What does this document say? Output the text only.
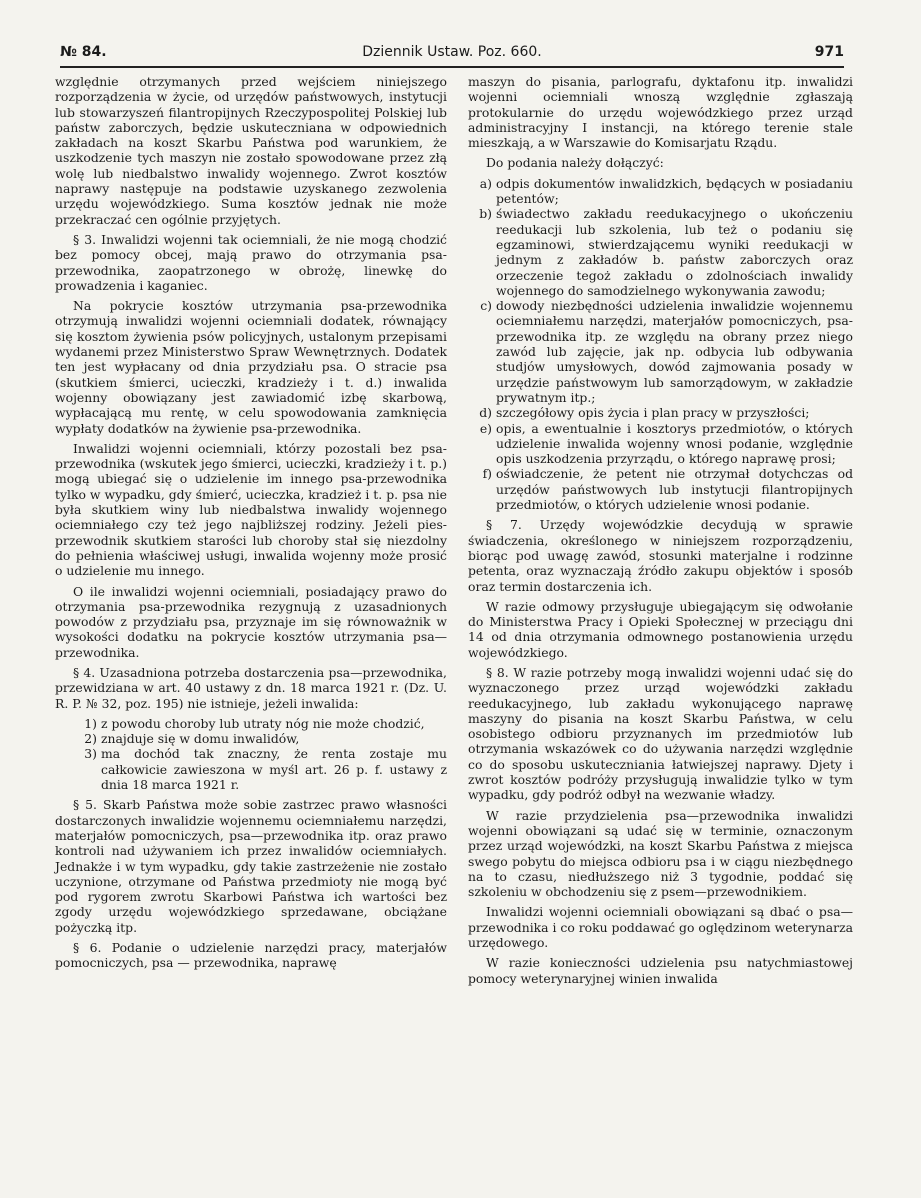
№ 84.	Dziennik Ustaw. Poz. 660.	971

względnie otrzymanych przed wejściem niniejszego rozporządzenia w życie, od urzędów państwowych, instytucji lub stowarzyszeń filantropijnych Rzeczypospolitej Polskiej lub państw zaborczych, będzie uskuteczniana w odpowiednich zakładach na koszt Skarbu Państwa pod warunkiem, że uszkodzenie tych maszyn nie zostało spowodowane przez złą wolę lub niedbalstwo inwalidy wojennego. Zwrot kosztów naprawy następuje na podstawie uzyskanego zezwolenia urzędu wojewódzkiego. Suma kosztów jednak nie może przekraczać cen ogólnie przyjętych.

§ 3. Inwalidzi wojenni tak ociemniali, że nie mogą chodzić bez pomocy obcej, mają prawo do otrzymania psa-przewodnika, zaopatrzonego w obrożę, linewkę do prowadzenia i kaganiec.

Na pokrycie kosztów utrzymania psa-przewodnika otrzymują inwalidzi wojenni ociemniali dodatek, równający się kosztom żywienia psów policyjnych, ustalonym przepisami wydanemi przez Ministerstwo Spraw Wewnętrznych. Dodatek ten jest wypłacany od dnia przydziału psa. O stracie psa (skutkiem śmierci, ucieczki, kradzieży i t. d.) inwalida wojenny obowiązany jest zawiadomić izbę skarbową, wypłacającą mu rentę, w celu spowodowania zamknięcia wypłaty dodatków na żywienie psa-przewodnika.

Inwalidzi wojenni ociemniali, którzy pozostali bez psa-przewodnika (wskutek jego śmierci, ucieczki, kradzieży i t. p.) mogą ubiegać się o udzielenie im innego psa-przewodnika tylko w wypadku, gdy śmierć, ucieczka, kradzież i t. p. psa nie była skutkiem winy lub niedbalstwa inwalidy wojennego ociemniałego czy też jego najbliższej rodziny. Jeżeli pies-przewodnik skutkiem starości lub choroby stał się niezdolny do pełnienia właściwej usługi, inwalida wojenny może prosić o udzielenie mu innego.

O ile inwalidzi wojenni ociemniali, posiadający prawo do otrzymania psa-przewodnika rezygnują z uzasadnionych powodów z przydziału psa, przyznaje im się równoważnik w wysokości dodatku na pokrycie kosztów utrzymania psa—przewodnika.

§ 4. Uzasadniona potrzeba dostarczenia psa—przewodnika, przewidziana w art. 40 ustawy z dn. 18 marca 1921 r. (Dz. U. R. P. № 32, poz. 195) nie istnieje, jeżeli inwalida:

1) z powodu choroby lub utraty nóg nie może chodzić,
2) znajduje się w domu inwalidów,
3) ma dochód tak znaczny, że renta zostaje mu całkowicie zawieszona w myśl art. 26 p. f. ustawy z dnia 18 marca 1921 r.

§ 5. Skarb Państwa może sobie zastrzec prawo własności dostarczonych inwalidzie wojennemu ociemniałemu narzędzi, materjałów pomocniczych, psa—przewodnika itp. oraz prawo kontroli nad używaniem ich przez inwalidów ociemniałych. Jednakże i w tym wypadku, gdy takie zastrzeżenie nie zostało uczynione, otrzymane od Państwa przedmioty nie mogą być pod rygorem zwrotu Skarbowi Państwa ich wartości bez zgody urzędu wojewódzkiego sprzedawane, obciążane pożyczką itp.

§ 6. Podanie o udzielenie narzędzi pracy, materjałów pomocniczych, psa — przewodnika, naprawę

maszyn do pisania, parlografu, dyktafonu itp. inwalidzi wojenni ociemniali wnoszą względnie zgłaszają protokularnie do urzędu wojewódzkiego przez urząd administracyjny I instancji, na którego terenie stale mieszkają, a w Warszawie do Komisarjatu Rządu.

Do podania należy dołączyć:

a) odpis dokumentów inwalidzkich, będących w posiadaniu petentów;
b) świadectwo zakładu reedukacyjnego o ukończeniu reedukacji lub szkolenia, lub też o podaniu się egzaminowi, stwierdzającemu wyniki reedukacji w jednym z zakładów b. państw zaborczych oraz orzeczenie tegoż zakładu o zdolnościach inwalidy wojennego do samodzielnego wykonywania zawodu;
c) dowody niezbędności udzielenia inwalidzie wojennemu ociemniałemu narzędzi, materjałów pomocniczych, psa-przewodnika itp. ze względu na obrany przez niego zawód lub zajęcie, jak np. odbycia lub odbywania studjów umysłowych, dowód zajmowania posady w urzędzie państwowym lub samorządowym, w zakładzie prywatnym itp.;
d) szczegółowy opis życia i plan pracy w przyszłości;
e) opis, a ewentualnie i kosztorys przedmiotów, o których udzielenie inwalida wojenny wnosi podanie, względnie opis uszkodzenia przyrządu, o którego naprawę prosi;
f) oświadczenie, że petent nie otrzymał dotychczas od urzędów państwowych lub instytucji filantropijnych przedmiotów, o których udzielenie wnosi podanie.

§ 7. Urzędy wojewódzkie decydują w sprawie świadczenia, określonego w niniejszem rozporządzeniu, biorąc pod uwagę zawód, stosunki materjalne i rodzinne petenta, oraz wyznaczają źródło zakupu objektów i sposób oraz termin dostarczenia ich.

W razie odmowy przysługuje ubiegającym się odwołanie do Ministerstwa Pracy i Opieki Społecznej w przeciągu dni 14 od dnia otrzymania odmownego postanowienia urzędu wojewódzkiego.

§ 8. W razie potrzeby mogą inwalidzi wojenni udać się do wyznaczonego przez urząd wojewódzki zakładu reedukacyjnego, lub zakładu wykonującego naprawę maszyny do pisania na koszt Skarbu Państwa, w celu osobistego odbioru przyznanych im przedmiotów lub otrzymania wskazówek co do używania narzędzi względnie co do sposobu uskuteczniania łatwiejszej naprawy. Djety i zwrot kosztów podróży przysługują inwalidzie tylko w tym wypadku, gdy podróż odbył na wezwanie władzy.

W razie przydzielenia psa—przewodnika inwalidzi wojenni obowiązani są udać się w terminie, oznaczonym przez urząd wojewódzki, na koszt Skarbu Państwa z miejsca swego pobytu do miejsca odbioru psa i w ciągu niezbędnego na to czasu, niedłuższego niż 3 tygodnie, poddać się szkoleniu w obchodzeniu się z psem—przewodnikiem.

Inwalidzi wojenni ociemniali obowiązani są dbać o psa—przewodnika i co roku poddawać go oględzinom weterynarza urzędowego.

W razie konieczności udzielenia psu natychmiastowej pomocy weterynaryjnej winien inwalida
